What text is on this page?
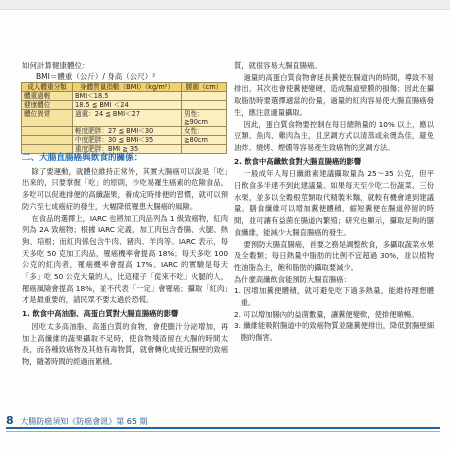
如何計算健康體位：
BMI＝體重（公斤）/ 身高（公尺）²
成人體重分類	身體質量指數（BMI）（kg/m²）	腰圍（cm）
體重過輕	BMI＜18.5	
健康體位	18.5 ≦ BMI ＜24	
體位異常	過重：24 ≦ BMI＜27	男性：≧90cm
	輕度肥胖：27 ≦ BMI＜30	女性：
	中度肥胖：30 ≦ BMI＜35	≧80cm
	重度肥胖：BMI ≧ 35	
二、大腸直腸癌與飲食的關係：

除了要運動，就體位維持正常外，其實大腸癌可以說是「吃」出來的，只要掌握「吃」的原則，少吃易羅生癌素的危險食品，多吃可以促進排便的高纖蔬果，養成定時排便的習慣，就可以預防六至七成癌症的發生，大幅降低罹患大腸癌的風險。

在食品的選擇上，IARC 也將加工肉品列為 1 級致癌物，紅肉列為 2A 致癌物；根據 IARC 定義，加工肉包含香腸、火腿、熱狗、培根；而紅肉係包含牛肉、豬肉、羊肉等。IARC 表示，每天多吃 50 克加工肉品，罹癌機率會提高 18%；每天多吃 100 公克的紅肉者，罹癌機率會提高 17%。IARC 的實驗是每天「多」吃 50 公克大量的人，比這樣子「從來不吃」火腿的人，罹癌風險會提高 18%，並不代表「一定」會罹癌；攝取「紅肉」才是最重要的，請民眾不要太過於恐慌。

1. 飲食中高油脂、高蛋白質對大腸直腸癌的影響

因吃太多高油脂、高蛋白質的食物，會使膽汁分泌增加，再加上高纖維的蔬果攝取不足時，使食物殘渣留在大腸的時間太長，而各種致癌物及其他有毒物質，就會轉化成接近腸壁的致癌物，隨著時間的經過而累積。

質，就很容易大腸直腸癌。

過量的高蛋白質食物會延長糞便在腸道內的時間，導致不易排出，其次也會使糞便變硬，造成腸道壁膜的損傷；因此在攝取脂肪時要選擇適當的份量，過量的紅肉容易使大腸直腸癌發生，應注意適量攝取。

因此，蛋白質食物要控制在每日總熱量的 10% 以上，應以豆類、魚肉、雞肉為主，且烹調方式以清蒸或汆燙為佳，避免油炸、燒烤、煙燻等容易產生致癌物的烹調方法。

2. 飲食中高纖飲食對大腸直腸癌的影響

一般成年人每日纖維素建議攝取量為 25～35 公克，但平日飲食多半達不到此建議量。如果每天至少吃二份蔬菜、三份水果，並多以全穀根莖類取代精製米麵，就較有機會達到建議量。膳食纖維可以增加糞便體積、縮短糞便在腸道停留的時間，並可讓有益菌在腸道內繁殖；研究也顯示，攝取足夠的膳食纖維，能減少大腸直腸癌的發生。

要預防大腸直腸癌，首要之務是調整飲食，多攝取蔬菜水果及全穀類；每日熱量中脂肪的比例不宜超過 30%，並以植物性油脂為主，飽和脂肪的攝取要減少。

為什麼高纖飲食能預防大腸直腸癌：

1. 因增加糞便體積，就可避免吃下過多熱量，能維持理想體重。
2. 可以增加腸內的益菌數量，讓糞便變軟，使排便順暢。
3. 纖維能吸附腸道中的致癌物質並隨糞便排出，降低對腸壁細胞的傷害。
8 大腸防癌須知《防癌會訊》第 65 期
